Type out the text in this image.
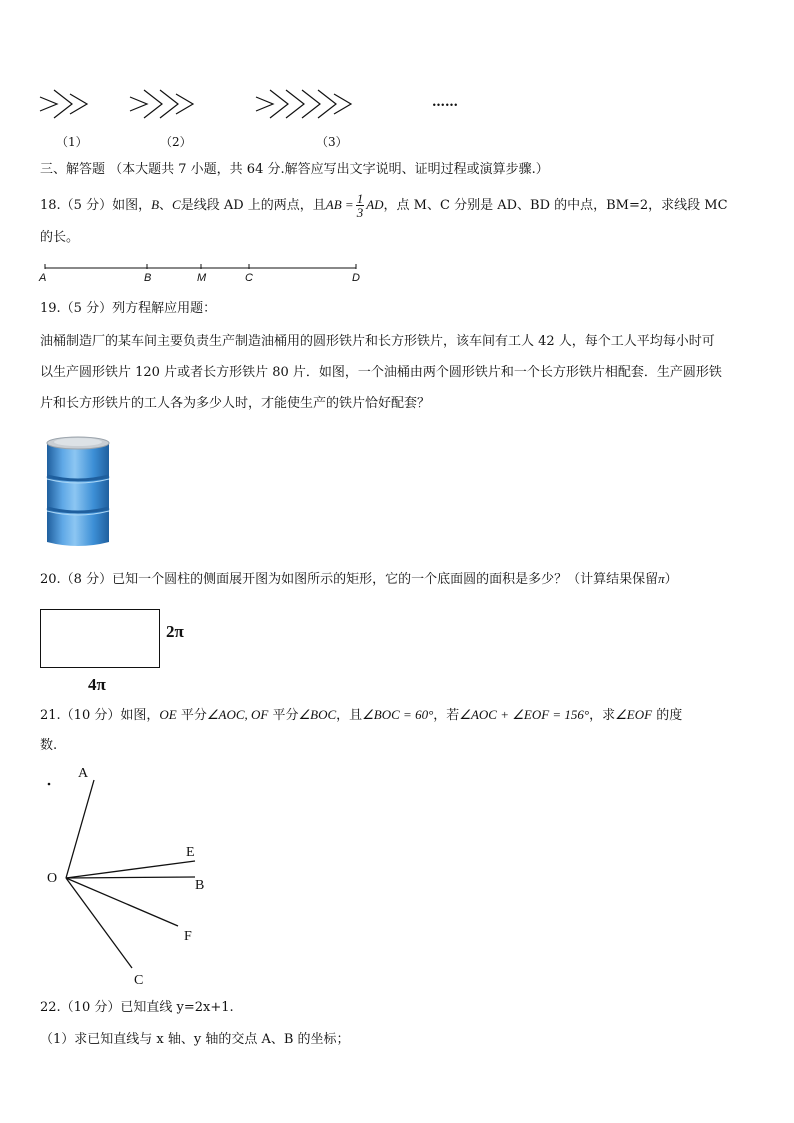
（1）	（2）	（3）
……
三、解答题 （本大题共 7 小题，共 64 分.解答应写出文字说明、证明过程或演算步骤.）
18.（5 分）如图，B、C是线段 AD 上的两点，且AB = $\frac{1}{3}$ AD，点 M、C 分别是 AD、BD 的中点，BM=2，求线段 MC
的长。
A	B	M	C	D
19.（5 分）列方程解应用题：
油桶制造厂的某车间主要负责生产制造油桶用的圆形铁片和长方形铁片，该车间有工人 42 人，每个工人平均每小时可
以生产圆形铁片 120 片或者长方形铁片 80 片．如图，一个油桶由两个圆形铁片和一个长方形铁片相配套．生产圆形铁
片和长方形铁片的工人各为多少人时，才能使生产的铁片恰好配套？
20.（8 分）已知一个圆柱的侧面展开图为如图所示的矩形，它的一个底面圆的面积是多少？（计算结果保留π）
2π
4π
21.（10 分）如图，OE 平分∠AOC, OF 平分∠BOC，且∠BOC = 60°，若∠AOC + ∠EOF = 156°，求∠EOF 的度
数.
A
E
O	B
F
C
22.（10 分）已知直线 y=2x+1.
（1）求已知直线与 x 轴、y 轴的交点 A、B 的坐标；
